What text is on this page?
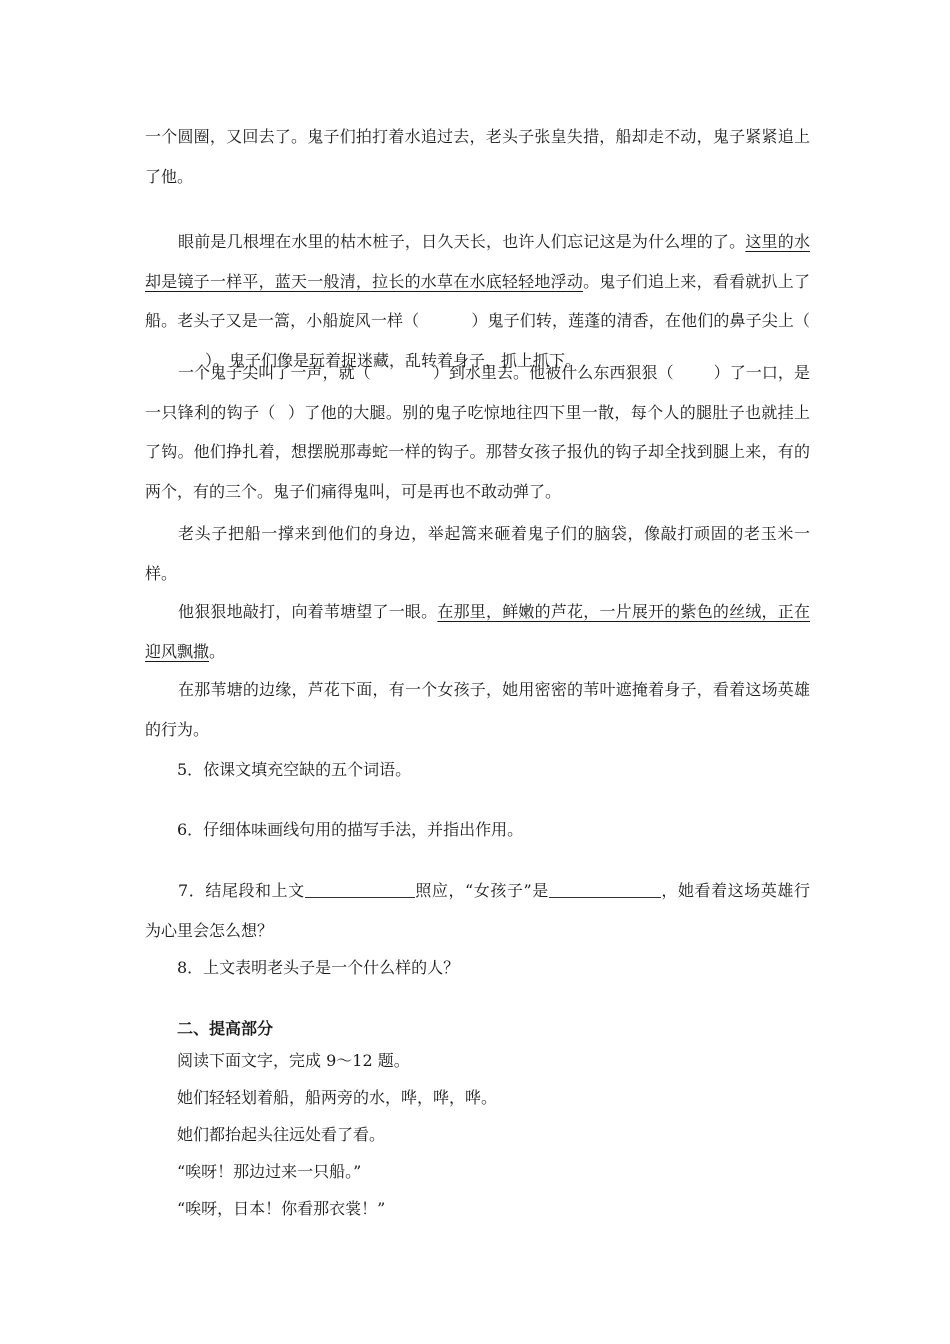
一个圆圈，又回去了。鬼子们拍打着水追过去，老头子张皇失措，船却走不动，鬼子紧紧追上了他。

眼前是几根埋在水里的枯木桩子，日久天长，也许人们忘记这是为什么埋的了。这里的水却是镜子一样平，蓝天一般清，拉长的水草在水底轻轻地浮动。鬼子们追上来，看看就扒上了船。老头子又是一篙，小船旋风一样（	）鬼子们转，莲蓬的清香，在他们的鼻子尖上（）。鬼子们像是玩着捉迷藏，乱转着身子，抓上抓下。

一个鬼子尖叫了一声，就（	）到水里去。他被什么东西狠狠（	）了一口，是一只锋利的钩子（ ）了他的大腿。别的鬼子吃惊地往四下里一散，每个人的腿肚子也就挂上了钩。他们挣扎着，想摆脱那毒蛇一样的钩子。那替女孩子报仇的钩子却全找到腿上来，有的两个，有的三个。鬼子们痛得鬼叫，可是再也不敢动弹了。

老头子把船一撑来到他们的身边，举起篙来砸着鬼子们的脑袋，像敲打顽固的老玉米一样。

他狠狠地敲打，向着苇塘望了一眼。在那里，鲜嫩的芦花，一片展开的紫色的丝绒，正在迎风飘撒。

在那苇塘的边缘，芦花下面，有一个女孩子，她用密密的苇叶遮掩着身子，看着这场英雄的行为。

5．依课文填充空缺的五个词语。
6．仔细体味画线句用的描写手法，并指出作用。

7．结尾段和上文	照应，“女孩子”是	，她看着这场英雄行为心里会怎么想？

8．上文表明老头子是一个什么样的人？
二、提高部分
阅读下面文字，完成 9～12 题。
她们轻轻划着船，船两旁的水，哗，哗，哗。
她们都抬起头往远处看了看。
“唉呀！那边过来一只船。”
“唉呀，日本！你看那衣裳！”
